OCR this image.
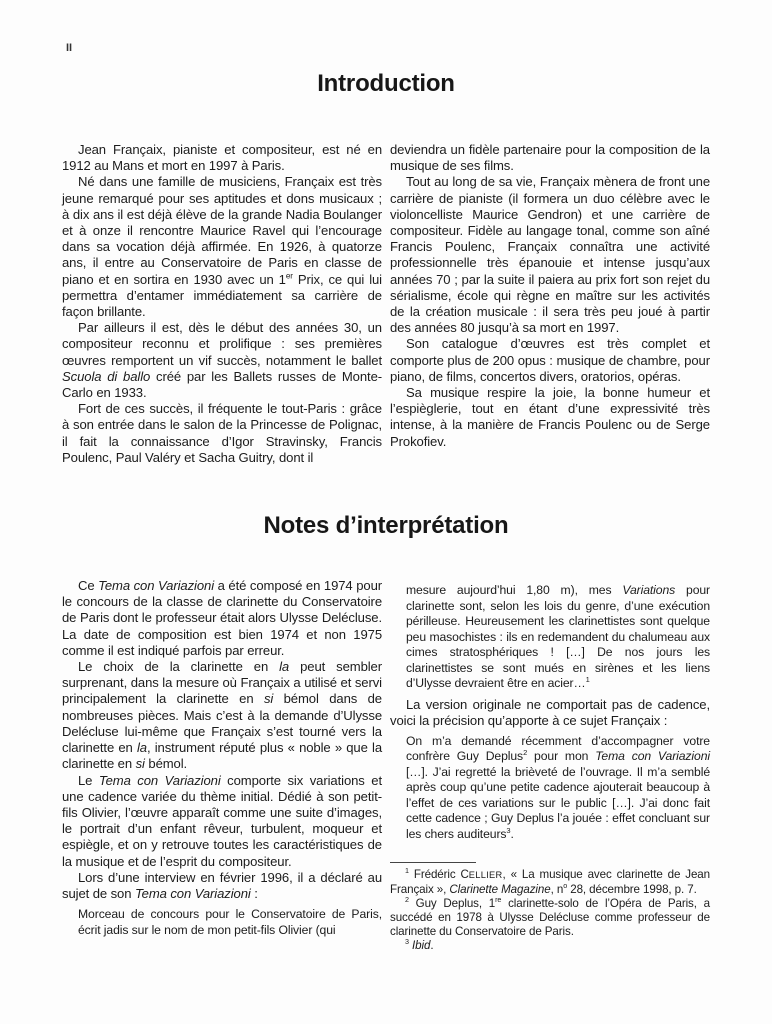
II
Introduction

Jean Françaix, pianiste et compositeur, est né en 1912 au Mans et mort en 1997 à Paris.

Né dans une famille de musiciens, Françaix est très jeune remarqué pour ses aptitudes et dons musicaux ; à dix ans il est déjà élève de la grande Nadia Boulanger et à onze il rencontre Maurice Ravel qui l’encourage dans sa vocation déjà affirmée. En 1926, à quatorze ans, il entre au Conservatoire de Paris en classe de piano et en sortira en 1930 avec un 1er Prix, ce qui lui permettra d’entamer immédiatement sa carrière de façon brillante.

Par ailleurs il est, dès le début des années 30, un compositeur reconnu et prolifique : ses premières œuvres remportent un vif succès, notamment le ballet Scuola di ballo créé par les Ballets russes de Monte-Carlo en 1933.

Fort de ces succès, il fréquente le tout-Paris : grâce à son entrée dans le salon de la Princesse de Polignac, il fait la connaissance d’Igor Stravinsky, Francis Poulenc, Paul Valéry et Sacha Guitry, dont il

deviendra un fidèle partenaire pour la composition de la musique de ses films.

Tout au long de sa vie, Françaix mènera de front une carrière de pianiste (il formera un duo célèbre avec le violoncelliste Maurice Gendron) et une carrière de compositeur. Fidèle au langage tonal, comme son aîné Francis Poulenc, Françaix connaîtra une activité professionnelle très épanouie et intense jusqu’aux années 70 ; par la suite il paiera au prix fort son rejet du sérialisme, école qui règne en maître sur les activités de la création musicale : il sera très peu joué à partir des années 80 jusqu’à sa mort en 1997.

Son catalogue d’œuvres est très complet et comporte plus de 200 opus : musique de chambre, pour piano, de films, concertos divers, oratorios, opéras.

Sa musique respire la joie, la bonne humeur et l’espièglerie, tout en étant d’une expressivité très intense, à la manière de Francis Poulenc ou de Serge Prokofiev.

Notes d’interprétation

Ce Tema con Variazioni a été composé en 1974 pour le concours de la classe de clarinette du Conservatoire de Paris dont le professeur était alors Ulysse Delécluse. La date de composition est bien 1974 et non 1975 comme il est indiqué parfois par erreur.

Le choix de la clarinette en la peut sembler surprenant, dans la mesure où Françaix a utilisé et servi principalement la clarinette en si bémol dans de nombreuses pièces. Mais c’est à la demande d’Ulysse Delécluse lui-même que Françaix s’est tourné vers la clarinette en la, instrument réputé plus « noble » que la clarinette en si bémol.

Le Tema con Variazioni comporte six variations et une cadence variée du thème initial. Dédié à son petit-fils Olivier, l’œuvre apparaît comme une suite d’images, le portrait d’un enfant rêveur, turbulent, moqueur et espiègle, et on y retrouve toutes les caractéristiques de la musique et de l’esprit du compositeur.

Lors d’une interview en février 1996, il a déclaré au sujet de son Tema con Variazioni :

Morceau de concours pour le Conservatoire de Paris, écrit jadis sur le nom de mon petit-fils Olivier (qui

mesure aujourd’hui 1,80 m), mes Variations pour clarinette sont, selon les lois du genre, d’une exécution périlleuse. Heureusement les clarinettistes sont quelque peu masochistes : ils en redemandent du chalumeau aux cimes stratosphériques ! […] De nos jours les clarinettistes se sont mués en sirènes et les liens d’Ulysse devraient être en acier…$^1$

La version originale ne comportait pas de cadence, voici la précision qu’apporte à ce sujet Françaix :

On m’a demandé récemment d’accompagner votre confrère Guy Deplus$^2$ pour mon Tema con Variazioni […]. J’ai regretté la brièveté de l’ouvrage. Il m’a semblé après coup qu’une petite cadence ajouterait beaucoup à l’effet de ces variations sur le public […]. J’ai donc fait cette cadence ; Guy Deplus l’a jouée : effet concluant sur les chers auditeurs$^3$.

$^1$ Frédéric CELLIER, « La musique avec clarinette de Jean Françaix », Clarinette Magazine, $n^o$ 28, décembre 1998, p. 7.

$^2$ Guy Deplus, 1re clarinette-solo de l’Opéra de Paris, a succédé en 1978 à Ulysse Delécluse comme professeur de clarinette du Conservatoire de Paris.

$^3$ Ibid.
